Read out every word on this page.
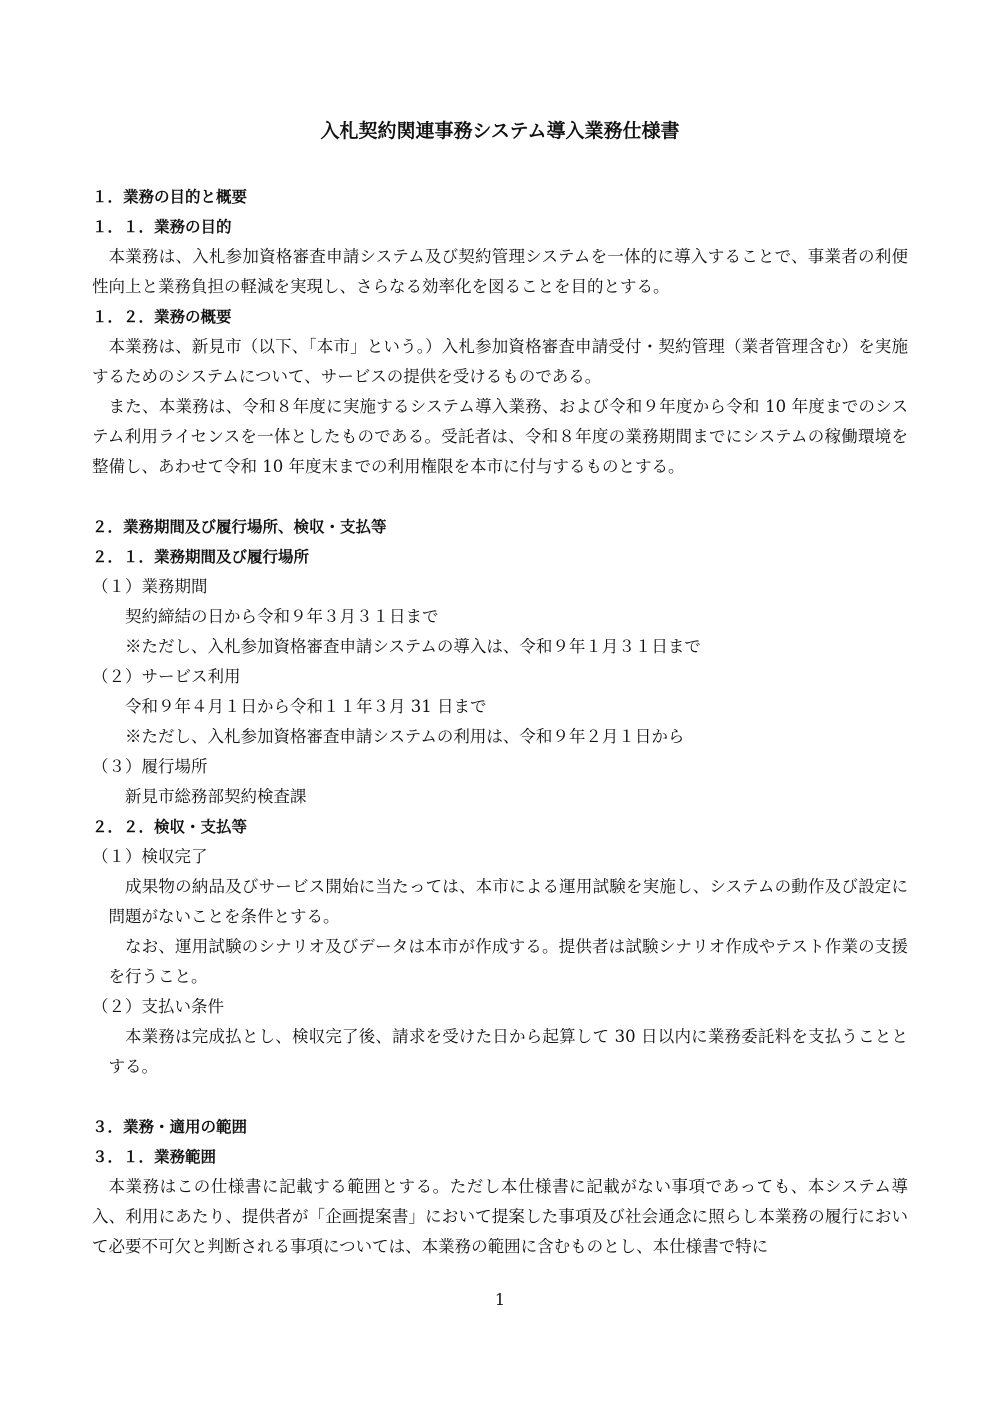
入札契約関連事務システム導入業務仕様書
１．業務の目的と概要
１．１．業務の目的
本業務は、入札参加資格審査申請システム及び契約管理システムを一体的に導入することで、事業者の利便性向上と業務負担の軽減を実現し、さらなる効率化を図ることを目的とする。
１．２．業務の概要
本業務は、新見市（以下、「本市」という。）入札参加資格審査申請受付・契約管理（業者管理含む）を実施するためのシステムについて、サービスの提供を受けるものである。
また、本業務は、令和８年度に実施するシステム導入業務、および令和９年度から令和 10 年度までのシステム利用ライセンスを一体としたものである。受託者は、令和８年度の業務期間までにシステムの稼働環境を整備し、あわせて令和 10 年度末までの利用権限を本市に付与するものとする。
２．業務期間及び履行場所、検収・支払等
２．１．業務期間及び履行場所
（１）業務期間
契約締結の日から令和９年３月３１日まで
※ただし、入札参加資格審査申請システムの導入は、令和９年１月３１日まで
（２）サービス利用
令和９年４月１日から令和１１年３月 31 日まで
※ただし、入札参加資格審査申請システムの利用は、令和９年２月１日から
（３）履行場所
新見市総務部契約検査課
２．２．検収・支払等
（１）検収完了
成果物の納品及びサービス開始に当たっては、本市による運用試験を実施し、システムの動作及び設定に問題がないことを条件とする。
なお、運用試験のシナリオ及びデータは本市が作成する。提供者は試験シナリオ作成やテスト作業の支援を行うこと。
（２）支払い条件
本業務は完成払とし、検収完了後、請求を受けた日から起算して 30 日以内に業務委託料を支払うこととする。
３．業務・適用の範囲
３．１．業務範囲
本業務はこの仕様書に記載する範囲とする。ただし本仕様書に記載がない事項であっても、本システム導入、利用にあたり、提供者が「企画提案書」において提案した事項及び社会通念に照らし本業務の履行において必要不可欠と判断される事項については、本業務の範囲に含むものとし、本仕様書で特に
1
